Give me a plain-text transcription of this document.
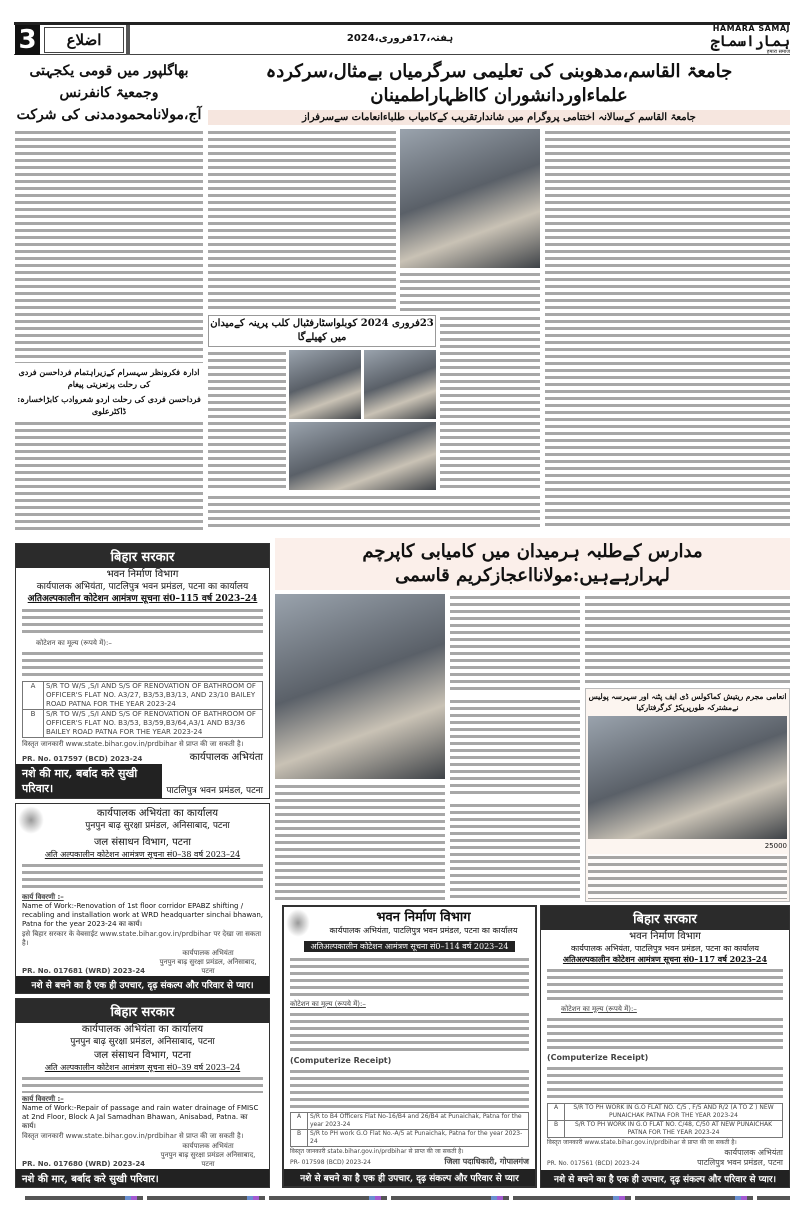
3	اضلاع	ہفتہ،17فروری،2024
HAMARA SAMAJ
ہماراسماج
हमारा समाज
بھاگلپور میں قومی یکجہتی وجمعیۃ کانفرنس آج،مولانامحمودمدنی کی شرکت
ادارہ فکرونظر سہسرام کےزیراہتمام فرداحسن فردی کی رحلت پرتعزیتی پیغام
فرداحسن فردی کی رحلت اردو شعروادب کابڑاخسارہ: ڈاکٹرعلوی
جامعۃ القاسم،مدھوبنی کی تعلیمی سرگرمیاں بےمثال،سرکردہ علماءاوردانشوران کااظہاراطمینان
جامعۃ القاسم کےسالانہ اختتامی پروگرام میں شاندارتقریب کےکامیاب طلباءانعامات سےسرفراز
23فروری 2024 کوبلواسٹارفٹبال کلب پرینہ کےمیدان میں کھیلےگا
مدارس کےطلبہ ہرمیدان میں کامیابی کاپرچم لہرارہےہیں:مولانااعجازکریم قاسمی
انعامی مجرم ریتیش کماکولس ڈی ایف پٹنہ اور سہرسہ پولیس نےمشترکہ طورپرپکڑ کرگرفتارکیا
25000
बिहार सरकार
भवन निर्माण विभाग
कार्यपालक अभियंता, पाटलिपुत्र भवन प्रमंडल, पटना का कार्यालय
अतिअल्पकालीन कोटेशन आमंत्रण सूचना सं0–115 वर्ष 2023–24
कोटेशन का मूल्य (रूपये में):–
A	S/R TO W/S ,S/I AND S/S OF RENOVATION OF BATHROOM OF OFFICER'S FLAT NO. A3/27, B3/53,B3/13, AND 23/10 BAILEY ROAD PATNA FOR THE YEAR 2023-24
B	S/R TO W/S ,S/I AND S/S OF RENOVATION OF BATHROOM OF OFFICER'S FLAT NO. B3/53, B3/59,B3/64,A3/1 AND B3/36 BAILEY ROAD PATNA FOR THE YEAR 2023-24
विस्तृत जानकारी www.state.bihar.gov.in/prdbihar से प्राप्त की जा सकती है।
PR. No. 017597 (BCD) 2023-24	कार्यपालक अभियंता
नशे की मार, बर्बाद करे सुखी परिवार।	पाटलिपुत्र भवन प्रमंडल, पटना
कार्यपालक अभियंता का कार्यालय
पुनपुन बाढ़ सुरक्षा प्रमंडल, अनिसाबाद, पटना
जल संसाधन विभाग, पटना
अति अल्पकालीन कोटेशन आमंत्रण सूचना सं0–38 वर्ष 2023–24
कार्य विवरणी :–
Name of Work:-Renovation of 1st floor corridor EPABZ shifting / recabling and installation work at WRD headquarter sinchai bhawan, Patna for the year 2023-24 का कार्य।
इसे बिहार सरकार के वेबसाईट www.state.bihar.gov.in/prdbihar पर देखा जा सकता है।
PR. No. 017681 (WRD) 2023-24
कार्यपालक अभियंता
पुनपुन बाढ़ सुरक्षा प्रमंडल, अनिसाबाद, पटना
नशे से बचने का है एक ही उपचार, दृढ़ संकल्प और परिवार से प्यार।
बिहार सरकार
कार्यपालक अभियंता का कार्यालय
पुनपुन बाढ़ सुरक्षा प्रमंडल, अनिसाबाद, पटना
जल संसाधन विभाग, पटना
अति अल्पकालीन कोटेशन आमंत्रण सूचना सं0–39 वर्ष 2023–24
कार्य विवरणी :–
Name of Work:-Repair of passage and rain water drainage of FMISC at 2nd Floor, Block A Jal Samadhan Bhawan, Anisabad, Patna. का कार्य।
विस्तृत जानकारी www.state.bihar.gov.in/prdbihar से प्राप्त की जा सकती है।
PR. No. 017680 (WRD) 2023-24
कार्यपालक अभियंता
पुनपुन बाढ़ सुरक्षा प्रमंडल अनिसाबाद, पटना
नशे की मार, बर्बाद करे सुखी परिवार।
भवन निर्माण विभाग
कार्यपालक अभियंता, पाटलिपुत्र भवन प्रमंडल, पटना का कार्यालय
अतिअल्पकालीन कोटेशन आमंत्रण सूचना सं0–114 वर्ष 2023–24
कोटेशन का मूल्य (रूपये में):–
(Computerize Receipt)
A	S/R to B4 Officers Flat No-16/B4 and 26/B4 at Punaichak, Patna for the year 2023-24
B	S/R to PH work G.O Flat No.-A/5 at Punaichak, Patna for the year 2023-24
विस्तृत जानकारी state.bihar.gov.in/prdbihar से प्राप्त की जा सकती है।
PR- 017598 (BCD) 2023-24	जिला पदाधिकारी, गोपालगंज
नशे से बचने का है एक ही उपचार, दृढ़ संकल्प और परिवार से प्यार
बिहार सरकार
भवन निर्माण विभाग
कार्यपालक अभियंता, पाटलिपुत्र भवन प्रमंडल, पटना का कार्यालय
अतिअल्पकालीन कोटेशन आमंत्रण सूचना सं0–117 वर्ष 2023–24
कोटेशन का मूल्य (रूपये में):–
(Computerize Receipt)
A	S/R TO PH WORK IN G.O FLAT NO. C/5 , F/5 AND R/2 (A TO Z ) NEW PUNAICHAK PATNA FOR THE YEAR 2023-24
B	S/R TO PH WORK IN G.O FLAT NO. C/48, C/50 AT NEW PUNAICHAK PATNA FOR THE YEAR 2023-24
विस्तृत जानकारी www.state.bihar.gov.in/prdbihar से प्राप्त की जा सकती है।
कार्यपालक अभियंता
PR. No. 017561 (BCD) 2023-24	पाटलिपुत्र भवन प्रमंडल, पटना
नशे से बचने का है एक ही उपचार, दृढ़ संकल्प और परिवार से प्यार।
